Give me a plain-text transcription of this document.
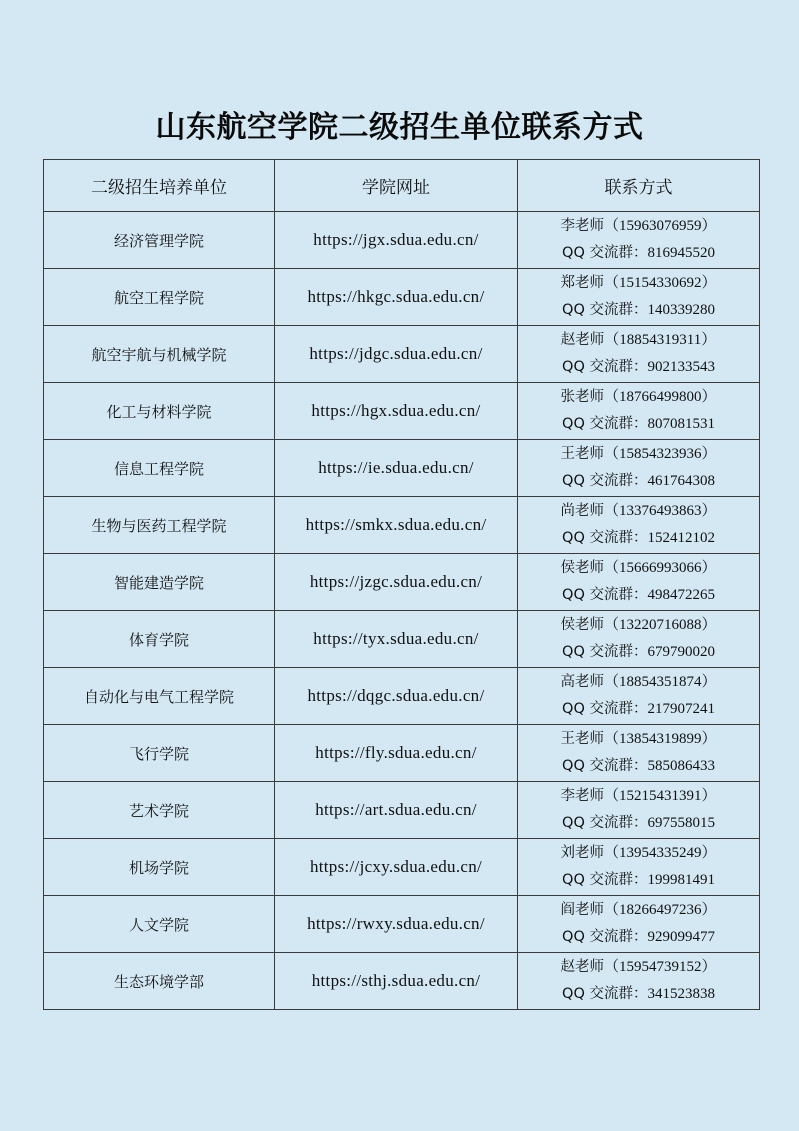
山东航空学院二级招生单位联系方式
二级招生培养单位	学院网址	联系方式
经济管理学院	https://jgx.sdua.edu.cn/	李老师（15963076959）
QQ 交流群：816945520

航空工程学院	https://hkgc.sdua.edu.cn/	郑老师（15154330692）
QQ 交流群：140339280

航空宇航与机械学院	https://jdgc.sdua.edu.cn/	赵老师（18854319311）
QQ 交流群：902133543

化工与材料学院	https://hgx.sdua.edu.cn/	张老师（18766499800）
QQ 交流群：807081531

信息工程学院	https://ie.sdua.edu.cn/	王老师（15854323936）
QQ 交流群：461764308

生物与医药工程学院	https://smkx.sdua.edu.cn/	尚老师（13376493863）
QQ 交流群：152412102

智能建造学院	https://jzgc.sdua.edu.cn/	侯老师（15666993066）
QQ 交流群：498472265

体育学院	https://tyx.sdua.edu.cn/	侯老师（13220716088）
QQ 交流群：679790020

自动化与电气工程学院	https://dqgc.sdua.edu.cn/	高老师（18854351874）
QQ 交流群：217907241

飞行学院	https://fly.sdua.edu.cn/	王老师（13854319899）
QQ 交流群：585086433

艺术学院	https://art.sdua.edu.cn/	李老师（15215431391）
QQ 交流群：697558015

机场学院	https://jcxy.sdua.edu.cn/	刘老师（13954335249）
QQ 交流群：199981491

人文学院	https://rwxy.sdua.edu.cn/	阎老师（18266497236）
QQ 交流群：929099477

生态环境学部	https://sthj.sdua.edu.cn/	赵老师（15954739152）
QQ 交流群：341523838
